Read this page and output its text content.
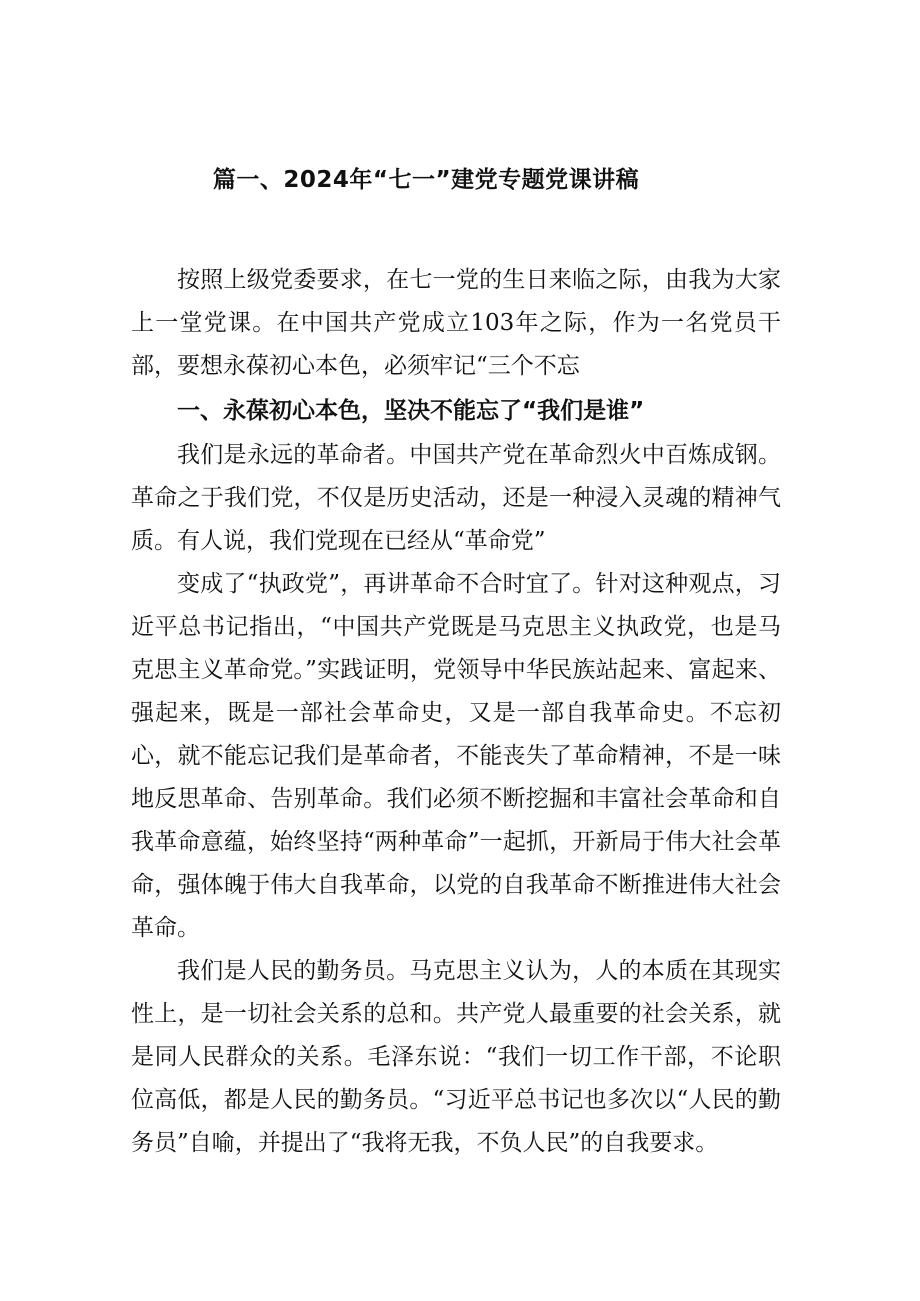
篇一、2024年“七一”建党专题党课讲稿

按照上级党委要求，在七一党的生日来临之际，由我为大家上一堂党课。在中国共产党成立103年之际，作为一名党员干部，要想永葆初心本色，必须牢记“三个不忘

一、永葆初心本色，坚决不能忘了“我们是谁”

我们是永远的革命者。中国共产党在革命烈火中百炼成钢。革命之于我们党，不仅是历史活动，还是一种浸入灵魂的精神气质。有人说，我们党现在已经从“革命党”

变成了“执政党”，再讲革命不合时宜了。针对这种观点，习近平总书记指出，“中国共产党既是马克思主义执政党，也是马克思主义革命党。”实践证明，党领导中华民族站起来、富起来、强起来，既是一部社会革命史，又是一部自我革命史。不忘初心，就不能忘记我们是革命者，不能丧失了革命精神，不是一味地反思革命、告别革命。我们必须不断挖掘和丰富社会革命和自我革命意蕴，始终坚持“两种革命”一起抓，开新局于伟大社会革命，强体魄于伟大自我革命，以党的自我革命不断推进伟大社会革命。

我们是人民的勤务员。马克思主义认为，人的本质在其现实性上，是一切社会关系的总和。共产党人最重要的社会关系，就是同人民群众的关系。毛泽东说：“我们一切工作干部，不论职位高低，都是人民的勤务员。“习近平总书记也多次以“人民的勤务员”自喻，并提出了“我将无我，不负人民”的自我要求。
